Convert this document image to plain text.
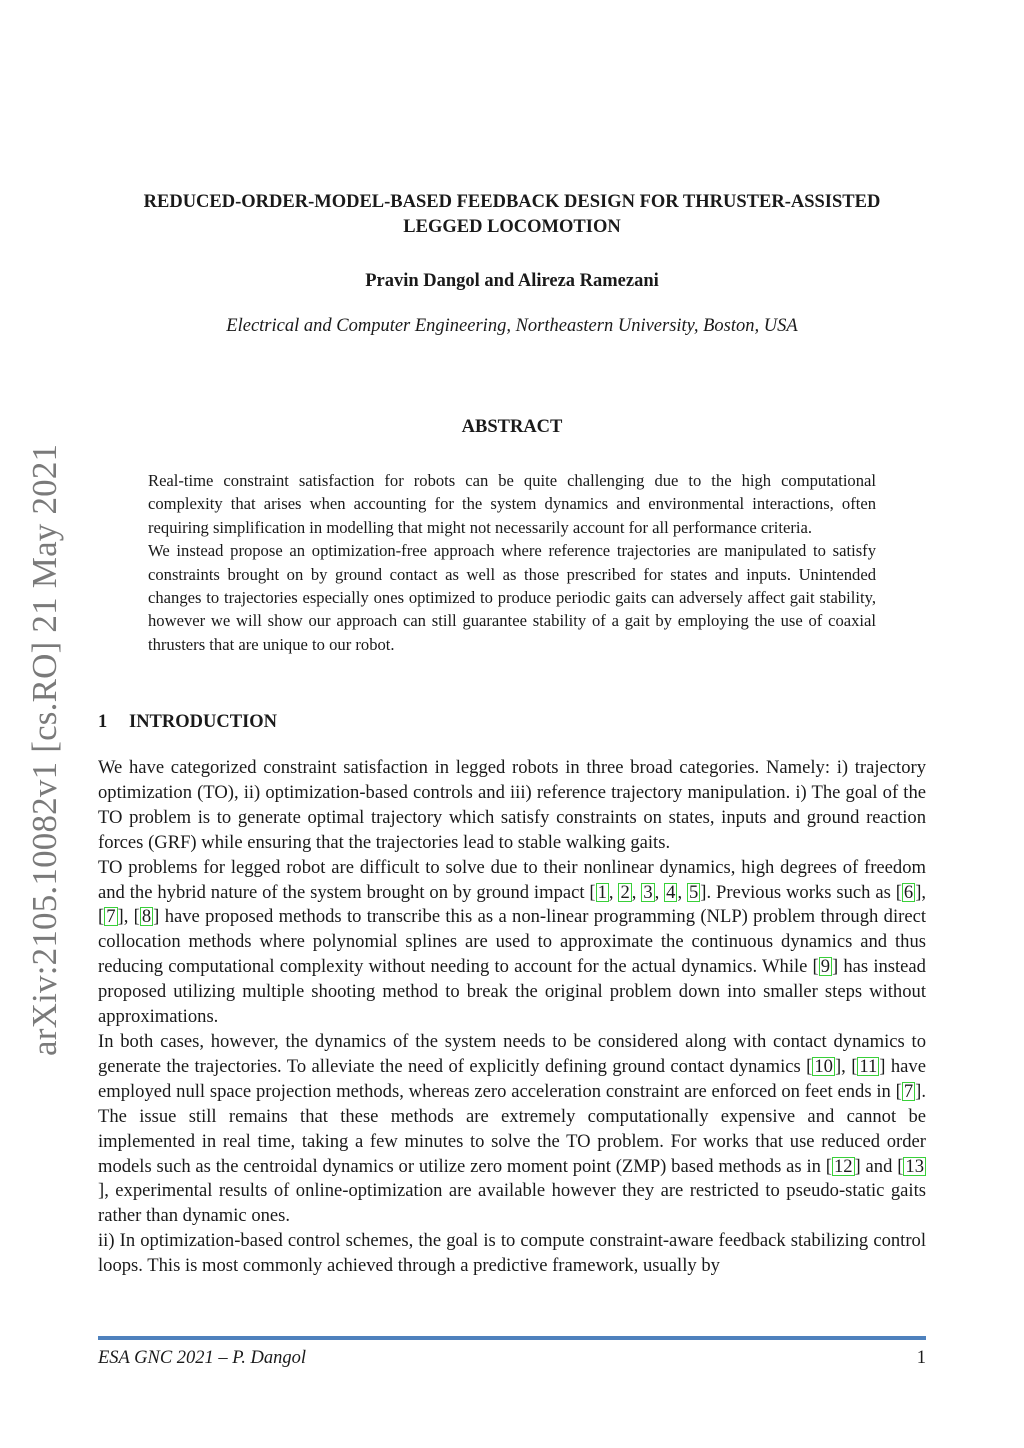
arXiv:2105.10082v1 [cs.RO] 21 May 2021
REDUCED-ORDER-MODEL-BASED FEEDBACK DESIGN FOR THRUSTER-ASSISTED
LEGGED LOCOMOTION
Pravin Dangol and Alireza Ramezani
Electrical and Computer Engineering, Northeastern University, Boston, USA
ABSTRACT

Real-time constraint satisfaction for robots can be quite challenging due to the high computational complexity that arises when accounting for the system dynamics and environmental interactions, often requiring simplification in modelling that might not necessarily account for all performance criteria.

We instead propose an optimization-free approach where reference trajectories are manipulated to satisfy constraints brought on by ground contact as well as those prescribed for states and inputs. Unintended changes to trajectories especially ones optimized to produce periodic gaits can adversely affect gait stability, however we will show our approach can still guarantee stability of a gait by employing the use of coaxial thrusters that are unique to our robot.

1 INTRODUCTION

We have categorized constraint satisfaction in legged robots in three broad categories. Namely: i) trajectory optimization (TO), ii) optimization-based controls and iii) reference trajectory manipulation. i) The goal of the TO problem is to generate optimal trajectory which satisfy constraints on states, inputs and ground reaction forces (GRF) while ensuring that the trajectories lead to stable walking gaits.

TO problems for legged robot are difficult to solve due to their nonlinear dynamics, high degrees of freedom and the hybrid nature of the system brought on by ground impact [ 1 , 2 , 3 , 4 , 5 ]. Previous works such as [ 6 ], [ 7 ], [ 8 ] have proposed methods to transcribe this as a non-linear programming (NLP) problem through direct collocation methods where polynomial splines are used to approximate the continuous dynamics and thus reducing computational complexity without needing to account for the actual dynamics. While [ 9 ] has instead proposed utilizing multiple shooting method to break the original problem down into smaller steps without approximations.

In both cases, however, the dynamics of the system needs to be considered along with contact dynamics to generate the trajectories. To alleviate the need of explicitly defining ground contact dynamics [ 10 ], [ 11 ] have employed null space projection methods, whereas zero acceleration constraint are enforced on feet ends in [ 7 ]. The issue still remains that these methods are extremely computationally expensive and cannot be implemented in real time, taking a few minutes to solve the TO problem. For works that use reduced order models such as the centroidal dynamics or utilize zero moment point (ZMP) based methods as in [ 12 ] and [ 13], experimental results of online-optimization are available however they are restricted to pseudo-static gaits rather than dynamic ones.

ii) In optimization-based control schemes, the goal is to compute constraint-aware feedback stabilizing control loops. This is most commonly achieved through a predictive framework, usually by

ESA GNC 2021 – P. Dangol	1
